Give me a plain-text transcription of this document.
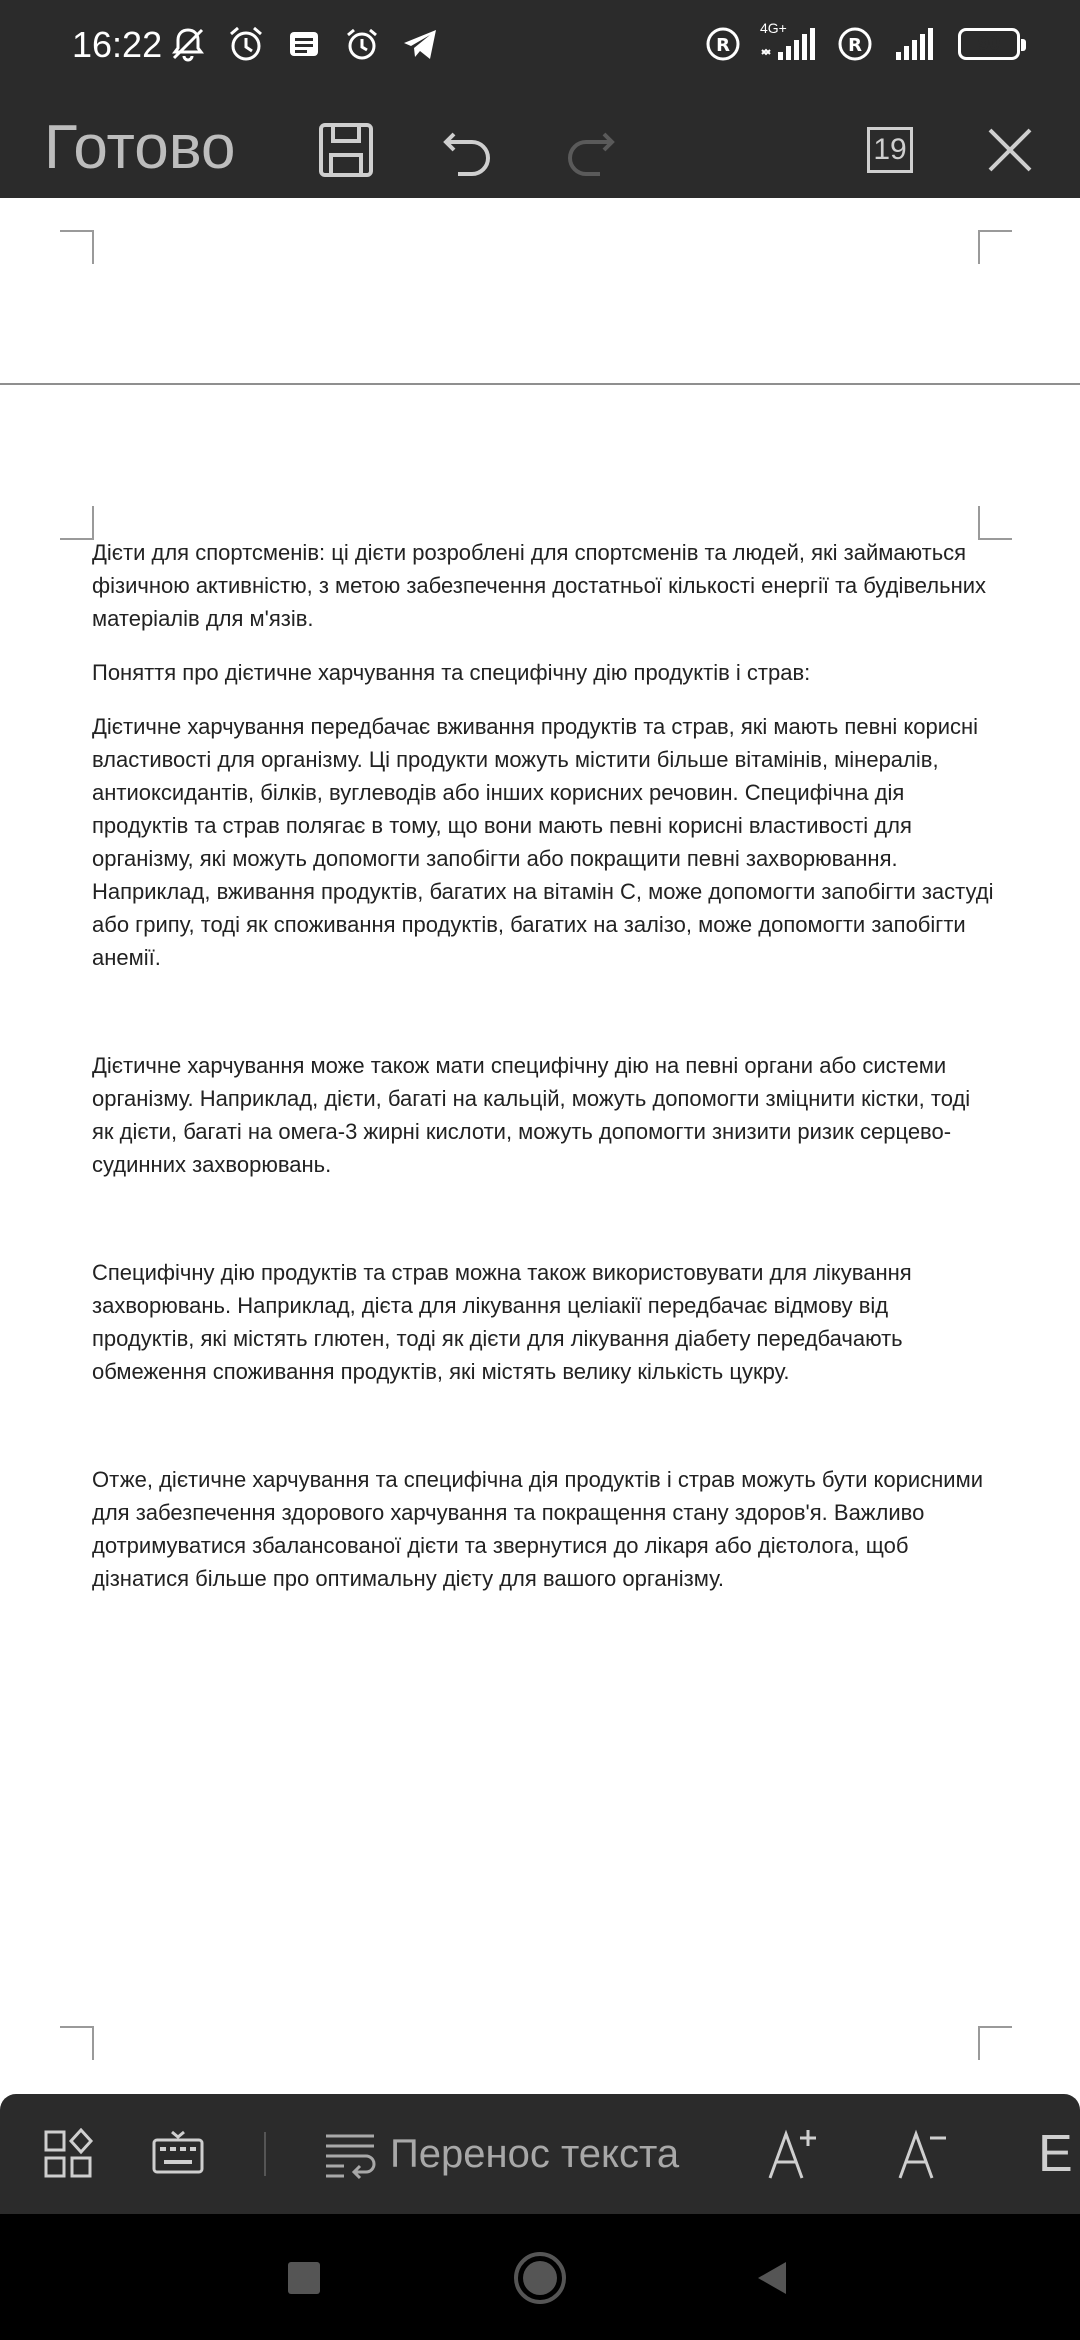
16:22	R
4G+
R	90
Готово	19

Дієти для спортсменів: ці дієти розроблені для спортсменів та людей, які займаються фізичною активністю, з метою забезпечення достатньої кількості енергії та будівельних матеріалів для м'язів.

Поняття про дієтичне харчування та специфічну дію продуктів і страв:

Дієтичне харчування передбачає вживання продуктів та страв, які мають певні корисні властивості для організму. Ці продукти можуть містити більше вітамінів, мінералів, антиоксидантів, білків, вуглеводів або інших корисних речовин. Специфічна дія продуктів та страв полягає в тому, що вони мають певні корисні властивості для організму, які можуть допомогти запобігти або покращити певні захворювання. Наприклад, вживання продуктів, багатих на вітамін С, може допомогти запобігти застуді або грипу, тоді як споживання продуктів, багатих на залізо, може допомогти запобігти анемії.

Дієтичне харчування може також мати специфічну дію на певні органи або системи організму. Наприклад, дієти, багаті на кальцій, можуть допомогти зміцнити кістки, тоді як дієти, багаті на омега-3 жирні кислоти, можуть допомогти знизити ризик серцево-судинних захворювань.

Специфічну дію продуктів та страв можна також використовувати для лікування захворювань. Наприклад, дієта для лікування целіакії передбачає відмову від продуктів, які містять глютен, тоді як дієти для лікування діабету передбачають обмеження споживання продуктів, які містять велику кількість цукру.

Отже, дієтичне харчування та специфічна дія продуктів і страв можуть бути корисними для забезпечення здорового харчування та покращення стану здоров'я. Важливо дотримуватися збалансованої дієти та звернутися до лікаря або дієтолога, щоб дізнатися більше про оптимальну дієту для вашого організму.

Перенос текста	E
